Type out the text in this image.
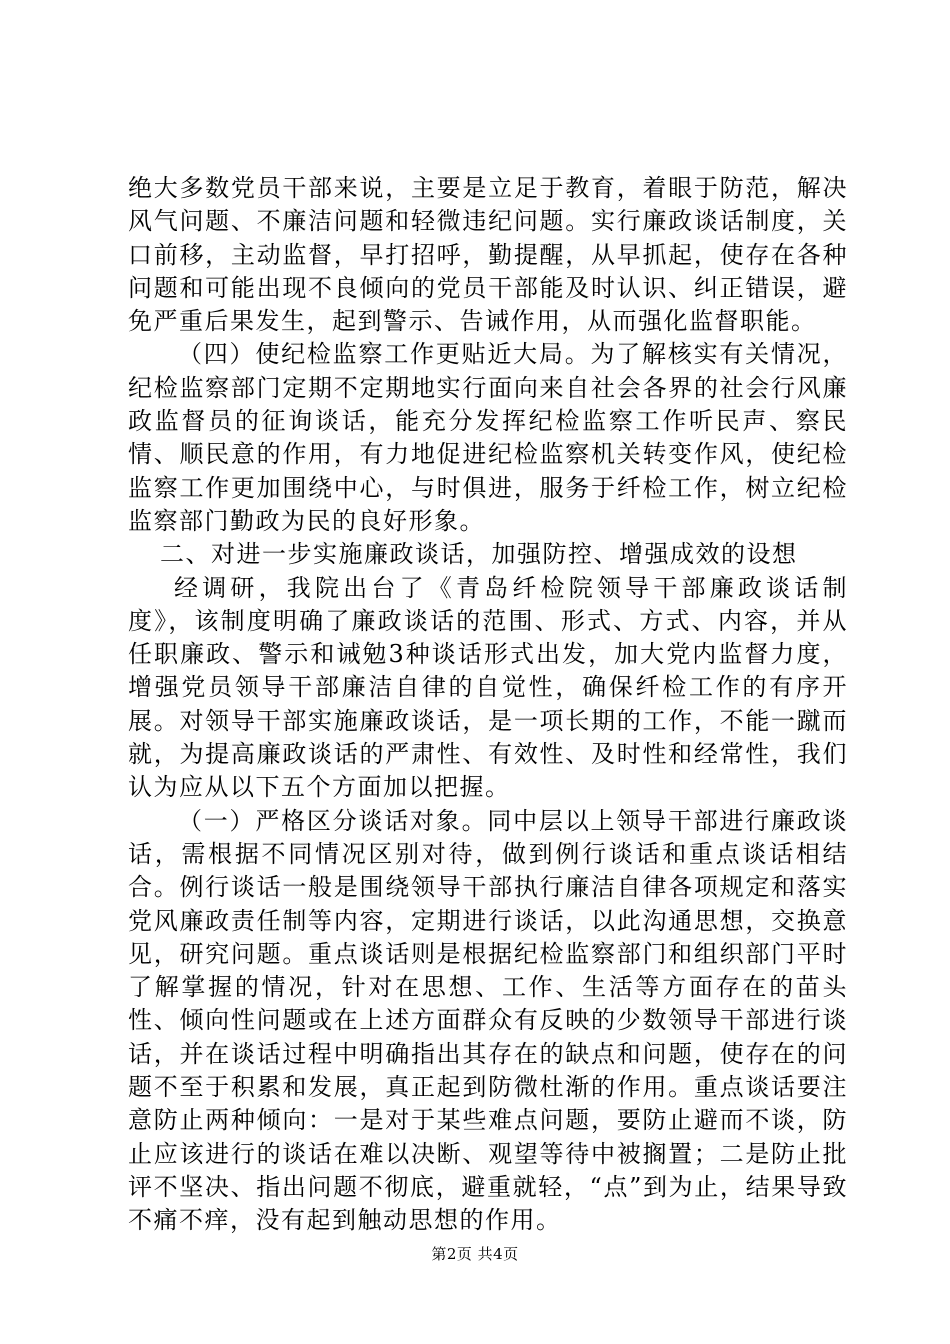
绝大多数党员干部来说，主要是立足于教育，着眼于防范，解决风气问题、不廉洁问题和轻微违纪问题。实行廉政谈话制度，关口前移，主动监督，早打招呼，勤提醒，从早抓起，使存在各种问题和可能出现不良倾向的党员干部能及时认识、纠正错误，避免严重后果发生，起到警示、告诫作用，从而强化监督职能。

（四）使纪检监察工作更贴近大局。为了解核实有关情况，纪检监察部门定期不定期地实行面向来自社会各界的社会行风廉政监督员的征询谈话，能充分发挥纪检监察工作听民声、察民情、顺民意的作用，有力地促进纪检监察机关转变作风，使纪检监察工作更加围绕中心，与时俱进，服务于纤检工作，树立纪检监察部门勤政为民的良好形象。

二、对进一步实施廉政谈话，加强防控、增强成效的设想

经调研，我院出台了《青岛纤检院领导干部廉政谈话制度》，该制度明确了廉政谈话的范围、形式、方式、内容，并从任职廉政、警示和诫勉3种谈话形式出发，加大党内监督力度，增强党员领导干部廉洁自律的自觉性，确保纤检工作的有序开展。对领导干部实施廉政谈话，是一项长期的工作，不能一蹴而就，为提高廉政谈话的严肃性、有效性、及时性和经常性，我们认为应从以下五个方面加以把握。

（一）严格区分谈话对象。同中层以上领导干部进行廉政谈话，需根据不同情况区别对待，做到例行谈话和重点谈话相结合。例行谈话一般是围绕领导干部执行廉洁自律各项规定和落实党风廉政责任制等内容，定期进行谈话，以此沟通思想，交换意见，研究问题。重点谈话则是根据纪检监察部门和组织部门平时了解掌握的情况，针对在思想、工作、生活等方面存在的苗头性、倾向性问题或在上述方面群众有反映的少数领导干部进行谈话，并在谈话过程中明确指出其存在的缺点和问题，使存在的问题不至于积累和发展，真正起到防微杜渐的作用。重点谈话要注意防止两种倾向：一是对于某些难点问题，要防止避而不谈，防止应该进行的谈话在难以决断、观望等待中被搁置；二是防止批评不坚决、指出问题不彻底，避重就轻，“点”到为止，结果导致不痛不痒，没有起到触动思想的作用。

第2页 共4页
